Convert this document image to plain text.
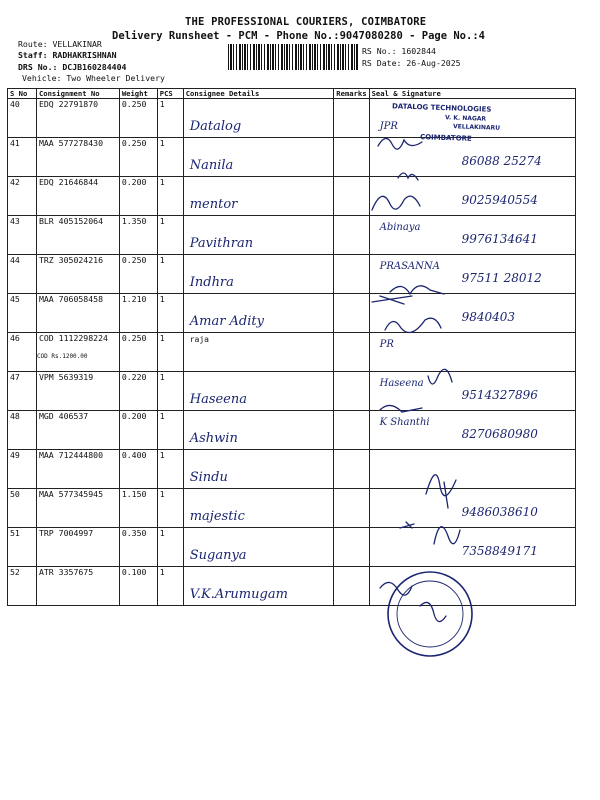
THE PROFESSIONAL COURIERS, COIMBATORE
Delivery Runsheet - PCM - Phone No.:9047080280 - Page No.:4
Route: VELLAKINAR
Staff: RADHAKRISHNAN
DRS No.: DCJB160284404
Vehicle: Two Wheeler Delivery
RS No.: 1602844
RS Date: 26-Aug-2025
S No	Consignment No	Weight	PCS	Consignee Details	Remarks	Seal & Signature

40	EDQ 22791870	0.250	1	Datalog		JPR

41	MAA 577278430	0.250	1	Nanila		86088 25274

42	EDQ 21646844	0.200	1	mentor		9025940554

43	BLR 405152064	1.350	1	Pavithran		Abinaya
9976134641

44	TRZ 305024216	0.250	1	Indhra		PRASANNA
97511 28012

45	MAA 706058458	1.210	1	Amar Adity		9840403

46	COD 1112298224
COD Rs.1200.00	0.250	1	raja		PR

47	VPM 5639319	0.220	1	Haseena		Haseena
9514327896

48	MGD 406537	0.200	1	Ashwin		K Shanthi
8270680980

49	MAA 712444800	0.400	1	Sindu		

50	MAA 577345945	1.150	1	majestic		9486038610

51	TRP 7004997	0.350	1	Suganya		7358849171

52	ATR 3357675	0.100	1	V.K.Arumugam		

DATALOG TECHNOLOGIES
V. K. NAGAR
VELLAKINARU
COIMBATORE
